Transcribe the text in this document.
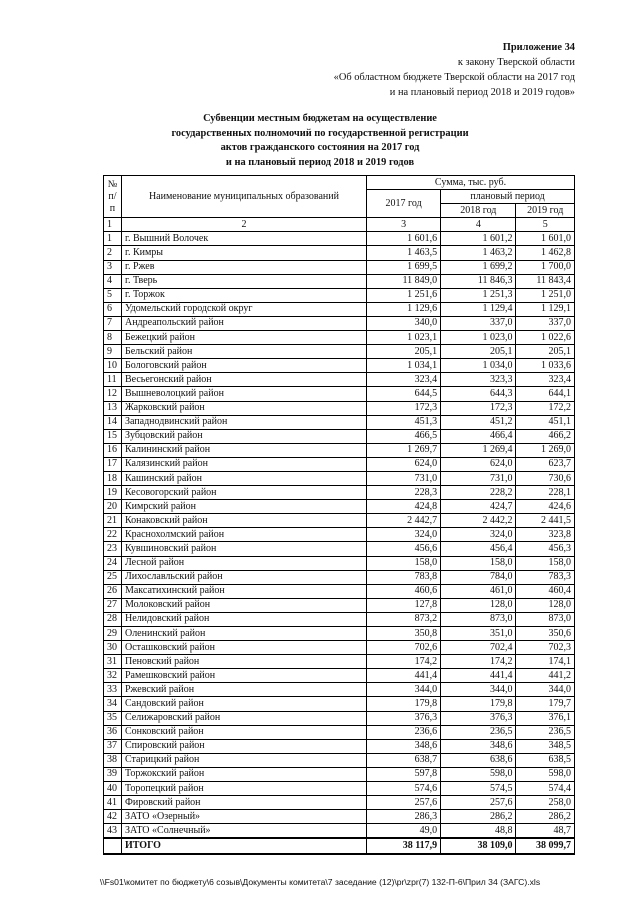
Приложение 34
к закону Тверской области
«Об областном бюджете Тверской области на 2017 год
и на плановый период 2018 и 2019 годов»
Субвенции местным бюджетам на осуществление
государственных полномочий по государственной регистрации
актов гражданского состояния на 2017 год
и на плановый период 2018 и 2019 годов
№ п/п	Наименование муниципальных образований	Сумма, тыс. руб.		
		2017 год	плановый период	
			2018 год	2019 год
1	2	3	4	5
1	г. Вышний Волочек	1 601,6	1 601,2	1 601,0
2	г. Кимры	1 463,5	1 463,2	1 462,8
3	г. Ржев	1 699,5	1 699,2	1 700,0
4	г. Тверь	11 849,0	11 846,3	11 843,4
5	г. Торжок	1 251,6	1 251,3	1 251,0
6	Удомельский городской округ	1 129,6	1 129,4	1 129,1
7	Андреапольский район	340,0	337,0	337,0
8	Бежецкий район	1 023,1	1 023,0	1 022,6
9	Бельский район	205,1	205,1	205,1
10	Бологовский район	1 034,1	1 034,0	1 033,6
11	Весьегонский район	323,4	323,3	323,4
12	Вышневолоцкий район	644,5	644,3	644,1
13	Жарковский район	172,3	172,3	172,2
14	Западнодвинский район	451,3	451,2	451,1
15	Зубцовский район	466,5	466,4	466,2
16	Калининский район	1 269,7	1 269,4	1 269,0
17	Калязинский район	624,0	624,0	623,7
18	Кашинский район	731,0	731,0	730,6
19	Кесовогорский район	228,3	228,2	228,1
20	Кимрский район	424,8	424,7	424,6
21	Конаковский район	2 442,7	2 442,2	2 441,5
22	Краснохолмский район	324,0	324,0	323,8
23	Кувшиновский район	456,6	456,4	456,3
24	Лесной район	158,0	158,0	158,0
25	Лихославльский район	783,8	784,0	783,3
26	Максатихинский район	460,6	461,0	460,4
27	Молоковский район	127,8	128,0	128,0
28	Нелидовский район	873,2	873,0	873,0
29	Оленинский район	350,8	351,0	350,6
30	Осташковский район	702,6	702,4	702,3
31	Пеновский район	174,2	174,2	174,1
32	Рамешковский район	441,4	441,4	441,2
33	Ржевский район	344,0	344,0	344,0
34	Сандовский район	179,8	179,8	179,7
35	Селижаровский район	376,3	376,3	376,1
36	Сонковский район	236,6	236,5	236,5
37	Спировский район	348,6	348,6	348,5
38	Старицкий район	638,7	638,6	638,5
39	Торжокский район	597,8	598,0	598,0
40	Торопецкий район	574,6	574,5	574,4
41	Фировский район	257,6	257,6	258,0
42	ЗАТО «Озерный»	286,3	286,2	286,2
43	ЗАТО «Солнечный»	49,0	48,8	48,7
	ИТОГО	38 117,9	38 109,0	38 099,7
\\Fs01\комитет по бюджету\6 созыв\Документы комитета\7 заседание (12)\pr\zpr(7) 132-П-6\Прил 34 (ЗАГС).xls
